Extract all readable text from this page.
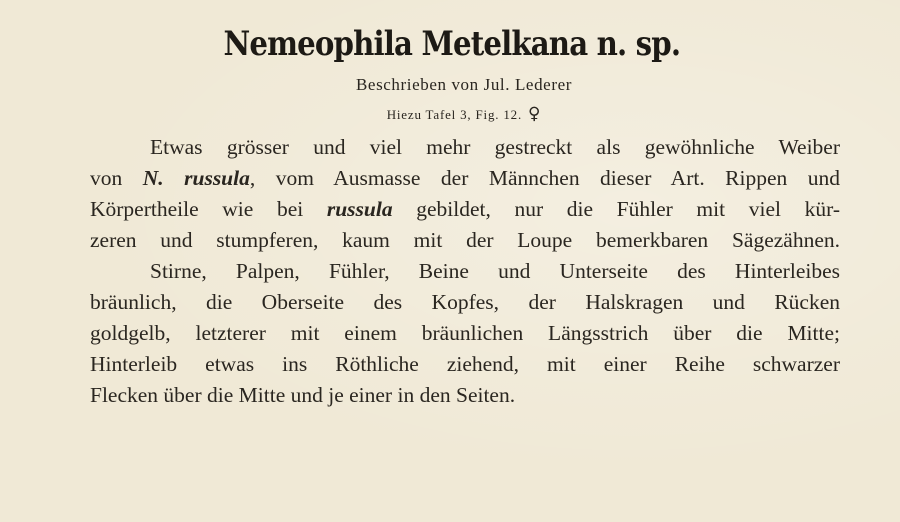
Nemeophila Metelkana n. sp.
Beschrieben von Jul. Lederer
Hiezu Tafel 3, Fig. 12. ♀
Etwas grösser und viel mehr gestreckt als gewöhnliche Weiber
von N. russula, vom Ausmasse der Männchen dieser Art. Rippen und
Körpertheile wie bei russula gebildet, nur die Fühler mit viel kür-
zeren und stumpferen, kaum mit der Loupe bemerkbaren Sägezähnen.
Stirne, Palpen, Fühler, Beine und Unterseite des Hinterleibes
bräunlich, die Oberseite des Kopfes, der Halskragen und Rücken
goldgelb, letzterer mit einem bräunlichen Längsstrich über die Mitte;
Hinterleib etwas ins Röthliche ziehend, mit einer Reihe schwarzer
Flecken über die Mitte und je einer in den Seiten.
